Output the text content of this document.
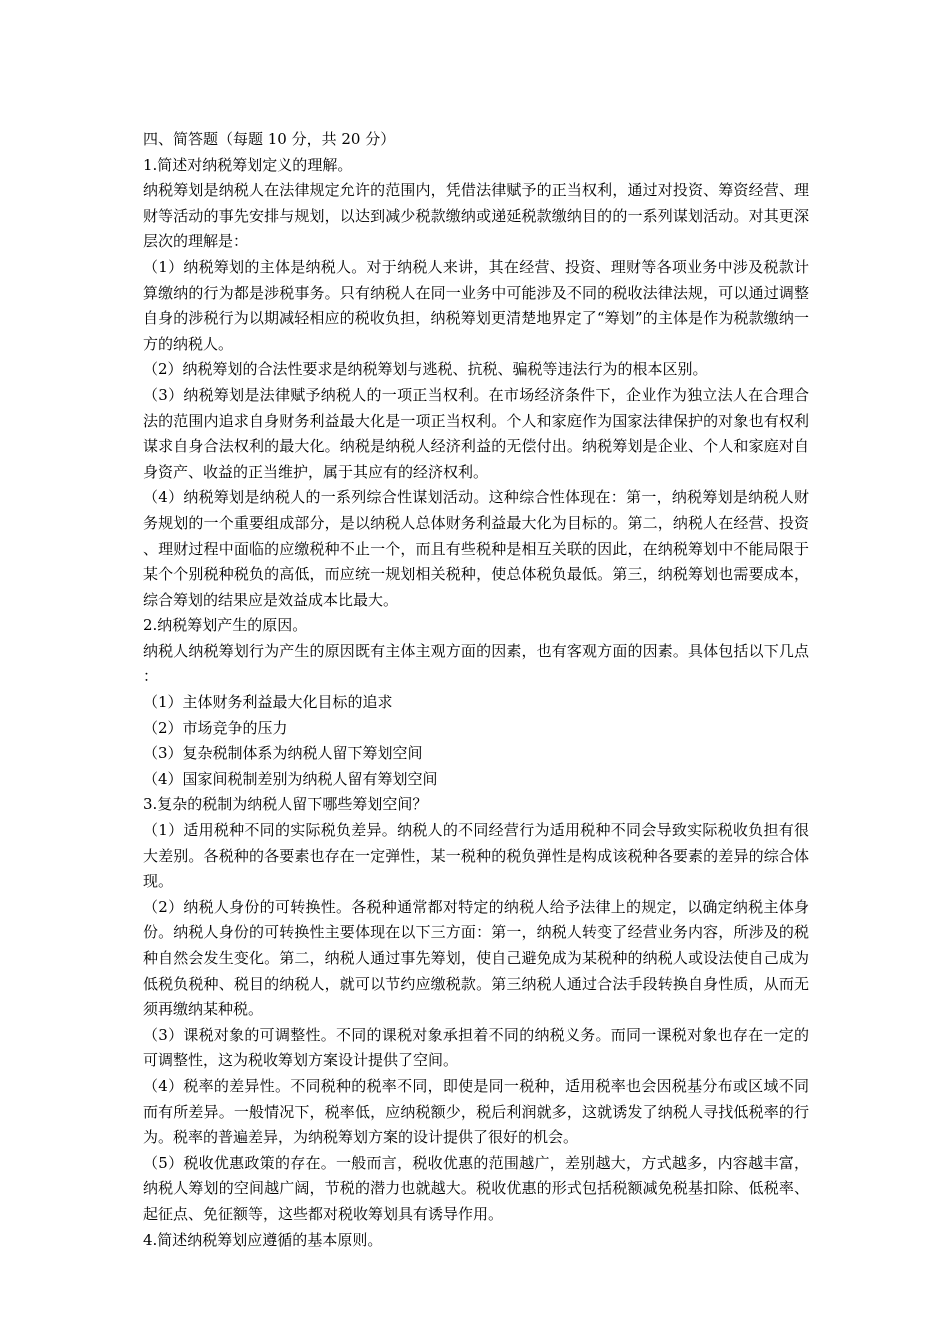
四、简答题（每题 10 分，共 20 分）

1.简述对纳税筹划定义的理解。

纳税筹划是纳税人在法律规定允许的范围内，凭借法律赋予的正当权利，通过对投资、筹资经营、理财等活动的事先安排与规划，以达到减少税款缴纳或递延税款缴纳目的的一系列谋划活动。对其更深层次的理解是：

（1）纳税筹划的主体是纳税人。对于纳税人来讲，其在经营、投资、理财等各项业务中涉及税款计算缴纳的行为都是涉税事务。只有纳税人在同一业务中可能涉及不同的税收法律法规，可以通过调整自身的涉税行为以期减轻相应的税收负担，纳税筹划更清楚地界定了“筹划”的主体是作为税款缴纳一方的纳税人。

（2）纳税筹划的合法性要求是纳税筹划与逃税、抗税、骗税等违法行为的根本区别。

（3）纳税筹划是法律赋予纳税人的一项正当权利。在市场经济条件下，企业作为独立法人在合理合法的范围内追求自身财务利益最大化是一项正当权利。个人和家庭作为国家法律保护的对象也有权利谋求自身合法权利的最大化。纳税是纳税人经济利益的无偿付出。纳税筹划是企业、个人和家庭对自身资产、收益的正当维护，属于其应有的经济权利。

（4）纳税筹划是纳税人的一系列综合性谋划活动。这种综合性体现在：第一，纳税筹划是纳税人财务规划的一个重要组成部分，是以纳税人总体财务利益最大化为目标的。第二，纳税人在经营、投资、理财过程中面临的应缴税种不止一个，而且有些税种是相互关联的因此，在纳税筹划中不能局限于某个个别税种税负的高低，而应统一规划相关税种，使总体税负最低。第三，纳税筹划也需要成本，综合筹划的结果应是效益成本比最大。

2.纳税筹划产生的原因。

纳税人纳税筹划行为产生的原因既有主体主观方面的因素，也有客观方面的因素。具体包括以下几点：

（1）主体财务利益最大化目标的追求

（2）市场竞争的压力

（3）复杂税制体系为纳税人留下筹划空间

（4）国家间税制差别为纳税人留有筹划空间

3.复杂的税制为纳税人留下哪些筹划空间？

（1）适用税种不同的实际税负差异。纳税人的不同经营行为适用税种不同会导致实际税收负担有很大差别。各税种的各要素也存在一定弹性，某一税种的税负弹性是构成该税种各要素的差异的综合体现。

（2）纳税人身份的可转换性。各税种通常都对特定的纳税人给予法律上的规定，以确定纳税主体身份。纳税人身份的可转换性主要体现在以下三方面：第一，纳税人转变了经营业务内容，所涉及的税种自然会发生变化。第二，纳税人通过事先筹划，使自己避免成为某税种的纳税人或设法使自己成为低税负税种、税目的纳税人，就可以节约应缴税款。第三纳税人通过合法手段转换自身性质，从而无须再缴纳某种税。

（3）课税对象的可调整性。不同的课税对象承担着不同的纳税义务。而同一课税对象也存在一定的可调整性，这为税收筹划方案设计提供了空间。

（4）税率的差异性。不同税种的税率不同，即使是同一税种，适用税率也会因税基分布或区域不同而有所差异。一般情况下，税率低，应纳税额少，税后利润就多，这就诱发了纳税人寻找低税率的行为。税率的普遍差异，为纳税筹划方案的设计提供了很好的机会。

（5）税收优惠政策的存在。一般而言，税收优惠的范围越广，差别越大，方式越多，内容越丰富，纳税人筹划的空间越广阔，节税的潜力也就越大。税收优惠的形式包括税额减免税基扣除、低税率、起征点、免征额等，这些都对税收筹划具有诱导作用。

4.简述纳税筹划应遵循的基本原则。
